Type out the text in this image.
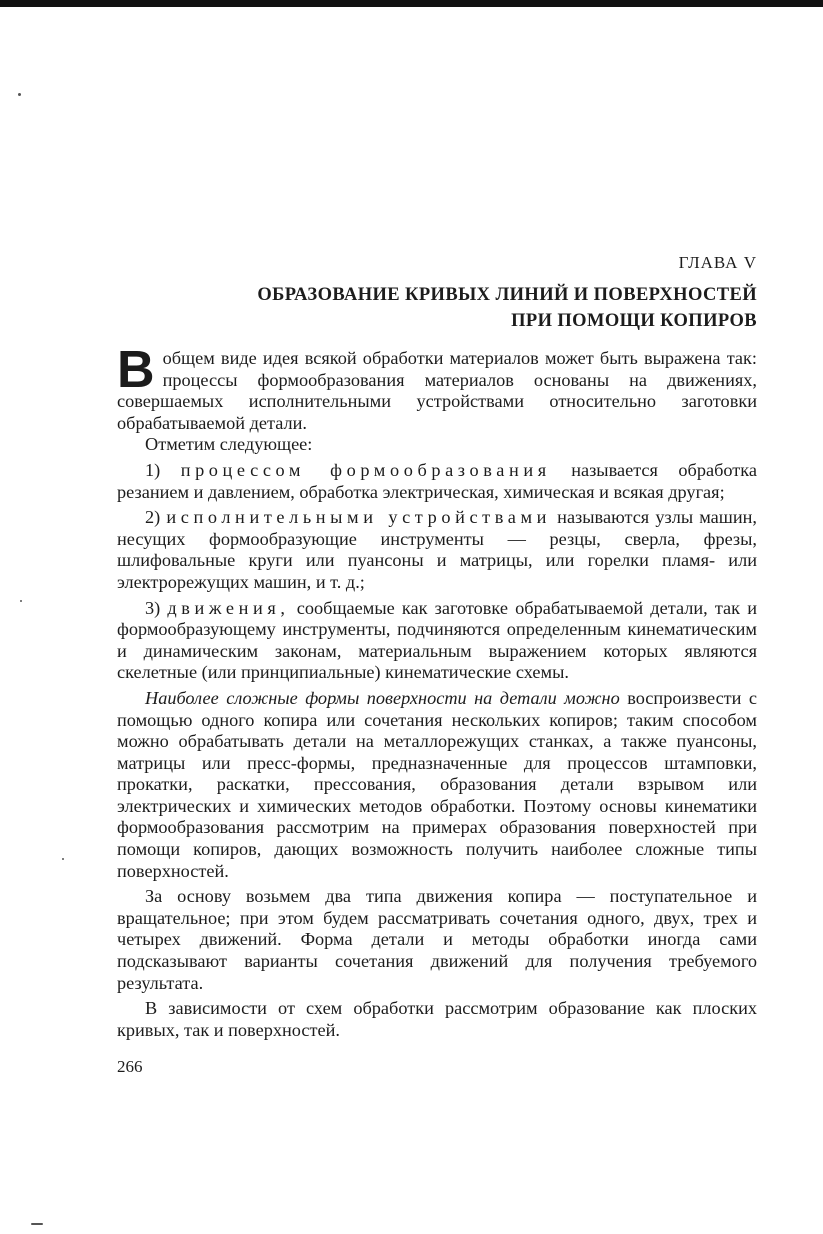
ГЛАВА V

ОБРАЗОВАНИЕ КРИВЫХ ЛИНИЙ И ПОВЕРХНОСТЕЙ
ПРИ ПОМОЩИ КОПИРОВ

В общем виде идея всякой обработки материалов может быть выражена так: процессы формообразования материалов основаны на движениях, совершаемых исполнительными устройствами относительно заготовки обрабатываемой детали.

Отметим следующее:

1) процессом формообразования называется обработка резанием и давлением, обработка электрическая, химическая и всякая другая;

2) исполнительными устройствами называются узлы машин, несущих формообразующие инструменты — резцы, сверла, фрезы, шлифовальные круги или пуансоны и матрицы, или горелки пламя- или электрорежущих машин, и т. д.;

3) движения, сообщаемые как заготовке обрабатываемой детали, так и формообразующему инструменты, подчиняются определенным кинематическим и динамическим законам, материальным выражением которых являются скелетные (или принципиальные) кинематические схемы.

Наиболее сложные формы поверхности на детали можно воспроизвести с помощью одного копира или сочетания нескольких копиров; таким способом можно обрабатывать детали на металлорежущих станках, а также пуансоны, матрицы или пресс-формы, предназначенные для процессов штамповки, прокатки, раскатки, прессования, образования детали взрывом или электрических и химических методов обработки. Поэтому основы кинематики формообразования рассмотрим на примерах образования поверхностей при помощи копиров, дающих возможность получить наиболее сложные типы поверхностей.

За основу возьмем два типа движения копира — поступательное и вращательное; при этом будем рассматривать сочетания одного, двух, трех и четырех движений. Форма детали и методы обработки иногда сами подсказывают варианты сочетания движений для получения требуемого результата.

В зависимости от схем обработки рассмотрим образование как плоских кривых, так и поверхностей.

266
